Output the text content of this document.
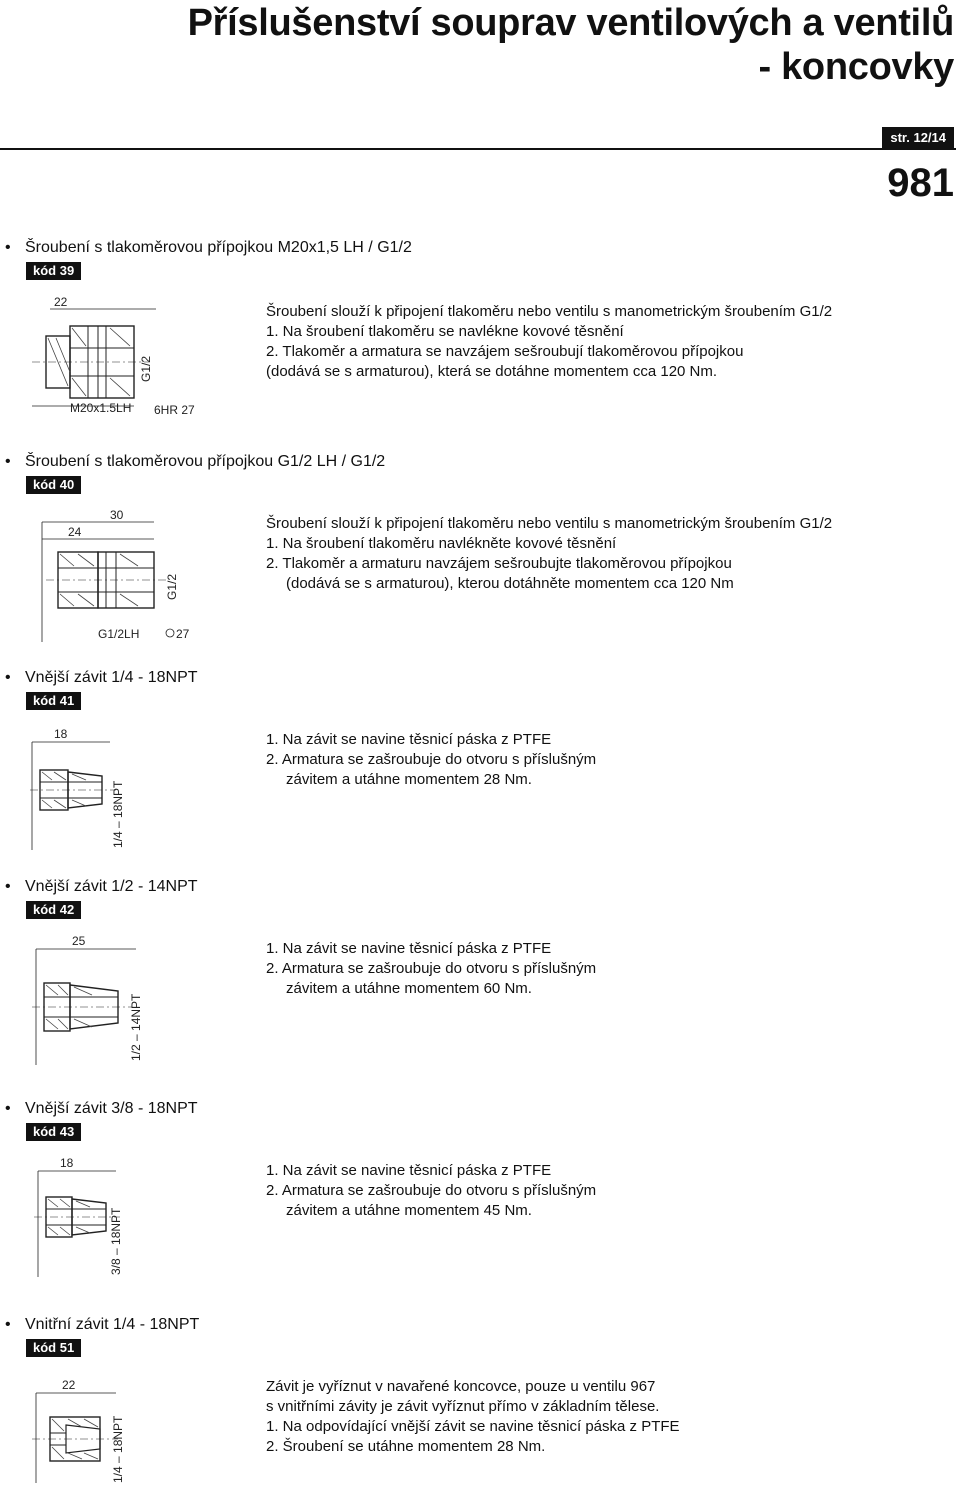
Příslušenství souprav ventilových a ventilů
- koncovky
str. 12/14
981
• Šroubení s tlakoměrovou přípojkou M20x1,5 LH / G1/2
kód 39
22
G1/2
M20x1.5LH 6HR 27
Šroubení slouží k připojení tlakoměru nebo ventilu s manometrickým šroubením G1/2
1. Na šroubení tlakoměru se navlékne kovové těsnění
2. Tlakoměr a armatura se navzájem sešroubují tlakoměrovou přípojkou
(dodává se s armaturou), která se dotáhne momentem cca 120 Nm.
• Šroubení s tlakoměrovou přípojkou G1/2 LH / G1/2
kód 40
30
24
G1/2
G1/2LH	27
Šroubení slouží k připojení tlakoměru nebo ventilu s manometrickým šroubením G1/2
1. Na šroubení tlakoměru navlékněte kovové těsnění
2. Tlakoměr a armaturu navzájem sešroubujte tlakoměrovou přípojkou
(dodává se s armaturou), kterou dotáhněte momentem cca 120 Nm
• Vnější závit 1/4 - 18NPT
kód 41
18
1/4 – 18NPT
1. Na závit se navine těsnicí páska z PTFE
2. Armatura se zašroubuje do otvoru s příslušným
závitem a utáhne momentem 28 Nm.
• Vnější závit 1/2 - 14NPT
kód 42
25
1/2 – 14NPT
1. Na závit se navine těsnicí páska z PTFE
2. Armatura se zašroubuje do otvoru s příslušným
závitem a utáhne momentem 60 Nm.
• Vnější závit 3/8 - 18NPT
kód 43
18
3/8 – 18NPT
1. Na závit se navine těsnicí páska z PTFE
2. Armatura se zašroubuje do otvoru s příslušným
závitem a utáhne momentem 45 Nm.
• Vnitřní závit 1/4 - 18NPT
kód 51
22
1/4 – 18NPT
Závit je vyříznut v navařené koncovce, pouze u ventilu 967
s vnitřními závity je závit vyříznut přímo v základním tělese.
1. Na odpovídající vnější závit se navine těsnicí páska z PTFE
2. Šroubení se utáhne momentem 28 Nm.
